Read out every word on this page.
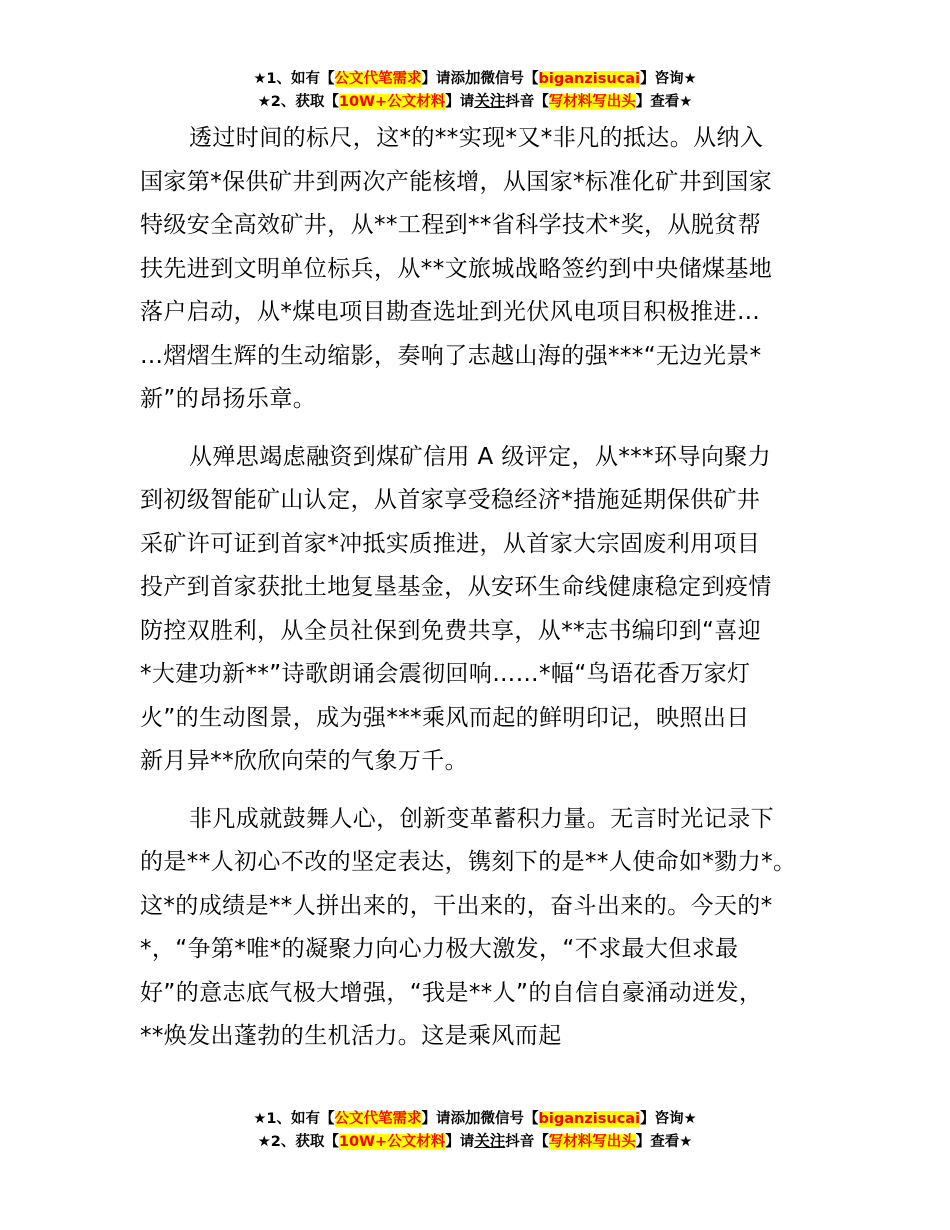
★1、如有【公文代笔需求】请添加微信号【biganzisucai】咨询★
★2、获取【10W+公文材料】请关注抖音【写材料写出头】查看★
透过时间的标尺，这*的**实现*又*非凡的抵达。从纳入
国家第*保供矿井到两次产能核增，从国家*标准化矿井到国家
特级安全高效矿井，从**工程到**省科学技术*奖，从脱贫帮
扶先进到文明单位标兵，从**文旅城战略签约到中央储煤基地
落户启动，从*煤电项目勘查选址到光伏风电项目积极推进…
…熠熠生辉的生动缩影，奏响了志越山海的强***“无边光景*
新”的昂扬乐章。
从殚思竭虑融资到煤矿信用 A 级评定，从***环导向聚力
到初级智能矿山认定，从首家享受稳经济*措施延期保供矿井
采矿许可证到首家*冲抵实质推进，从首家大宗固废利用项目
投产到首家获批土地复垦基金，从安环生命线健康稳定到疫情
防控双胜利，从全员社保到免费共享，从**志书编印到“喜迎
*大建功新**”诗歌朗诵会震彻回响……*幅“鸟语花香万家灯
火”的生动图景，成为强***乘风而起的鲜明印记，映照出日
新月异**欣欣向荣的气象万千。
非凡成就鼓舞人心，创新变革蓄积力量。无言时光记录下
的是**人初心不改的坚定表达，镌刻下的是**人使命如*勠力*。
这*的成绩是**人拼出来的，干出来的，奋斗出来的。今天的*
*，“争第*唯*的凝聚力向心力极大激发，“不求最大但求最
好”的意志底气极大增强，“我是**人”的自信自豪涌动迸发，
**焕发出蓬勃的生机活力。这是乘风而起
★1、如有【公文代笔需求】请添加微信号【biganzisucai】咨询★
★2、获取【10W+公文材料】请关注抖音【写材料写出头】查看★
